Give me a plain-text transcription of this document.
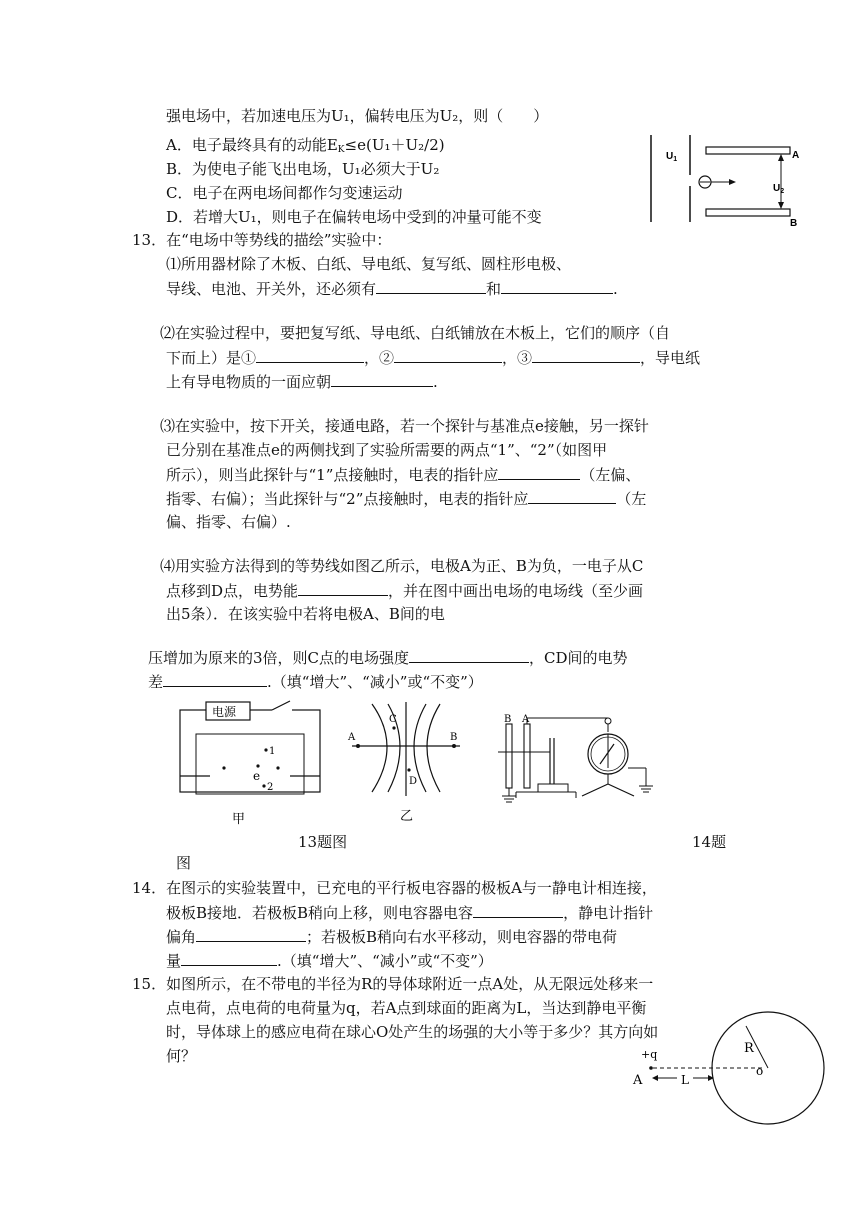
强电场中，若加速电压为U₁，偏转电压为U₂，则（　　）
A．电子最终具有的动能$E_K\le e(U_1+U_2/2)$
B．为使电子能飞出电场，U₁必须大于U₂
C．电子在两电场间都作匀变速运动
D．若增大U₁，则电子在偏转电场中受到的冲量可能不变
$U_1$
$U_2$
A
B
13．在“电场中等势线的描绘”实验中：
⑴所用器材除了木板、白纸、导电纸、复写纸、圆柱形电极、
导线、电池、开关外，还必须有	和	.
⑵在实验过程中，要把复写纸、导电纸、白纸铺放在木板上，它们的顺序（自
下而上）是①	，②	，③	，导电纸
上有导电物质的一面应朝	.
⑶在实验中，按下开关，接通电路，若一个探针与基准点e接触，另一探针
已分别在基准点e的两侧找到了实验所需要的两点“1”、“2”（如图甲
所示），则当此探针与“1”点接触时，电表的指针应	（左偏、
指零、右偏）；当此探针与“2”点接触时，电表的指针应	（左
偏、指零、右偏）.
⑷用实验方法得到的等势线如图乙所示，电极A为正、B为负，一电子从C
点移到D点，电势能	，并在图中画出电场的电场线（至少画
出5条）．在该实验中若将电极A、B间的电
压增加为原来的3倍，则C点的电场强度	，CD间的电势
差	.（填“增大”、“减小”或“不变”）
电源
1
e
2
甲
A	B
C
D
乙
B A
13题图	14题
图
14．在图示的实验装置中，已充电的平行板电容器的极板A与一静电计相连接，
极板B接地．若极板B稍向上移，则电容器电容	，静电计指针
偏角	；若极板B稍向右水平移动，则电容器的带电荷
量	.（填“增大”、“减小”或“不变”）
15．如图所示，在不带电的半径为R的导体球附近一点A处，从无限远处移来一
点电荷，点电荷的电荷量为q，若A点到球面的距离为L，当达到静电平衡
时，导体球上的感应电荷在球心O处产生的场强的大小等于多少？其方向如
何？	+q
A	L
R
o
